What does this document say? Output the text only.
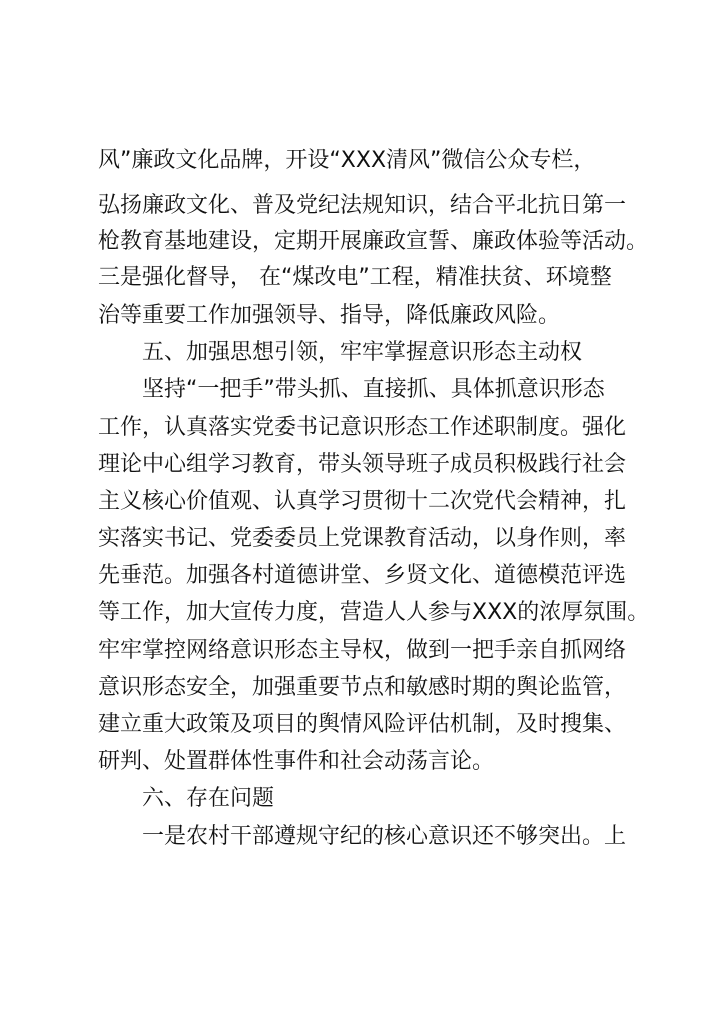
风”廉政文化品牌，开设“XXX清风”微信公众专栏，
弘扬廉政文化、普及党纪法规知识，结合平北抗日第一
枪教育基地建设，定期开展廉政宣誓、廉政体验等活动。
三是强化督导， 在“煤改电”工程，精准扶贫、环境整
治等重要工作加强领导、指导，降低廉政风险。
五、加强思想引领，牢牢掌握意识形态主动权
坚持“一把手”带头抓、直接抓、具体抓意识形态
工作，认真落实党委书记意识形态工作述职制度。强化
理论中心组学习教育，带头领导班子成员积极践行社会
主义核心价值观、认真学习贯彻十二次党代会精神，扎
实落实书记、党委委员上党课教育活动，以身作则，率
先垂范。加强各村道德讲堂、乡贤文化、道德模范评选
等工作，加大宣传力度，营造人人参与XXX的浓厚氛围。
牢牢掌控网络意识形态主导权，做到一把手亲自抓网络
意识形态安全，加强重要节点和敏感时期的舆论监管，
建立重大政策及项目的舆情风险评估机制，及时搜集、
研判、处置群体性事件和社会动荡言论。
六、存在问题
一是农村干部遵规守纪的核心意识还不够突出。上
